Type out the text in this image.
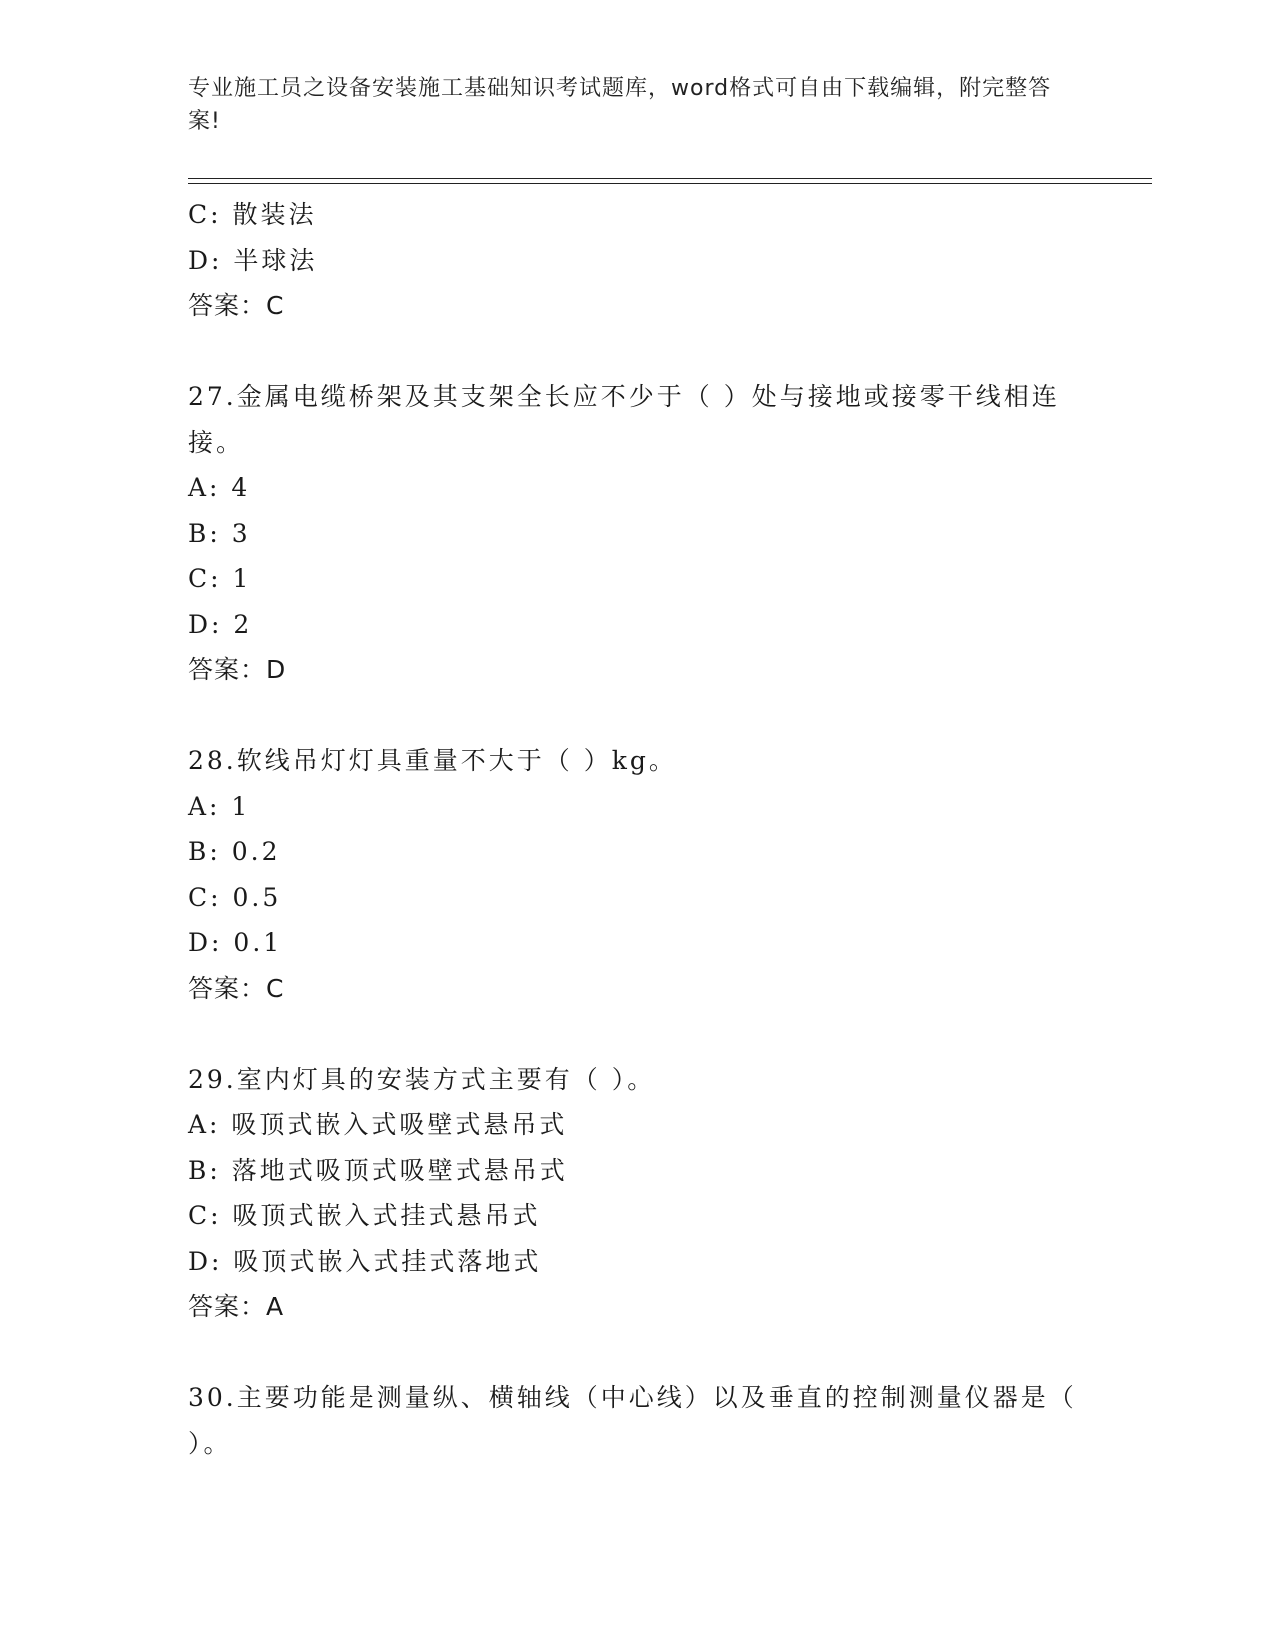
专业施工员之设备安装施工基础知识考试题库，word格式可自由下载编辑，附完整答案!
C: 散装法
D: 半球法
答案：C
27.金属电缆桥架及其支架全长应不少于（ ）处与接地或接零干线相连接。
A: 4
B: 3
C: 1
D: 2
答案：D
28.软线吊灯灯具重量不大于（ ）kg。
A: 1
B: 0.2
C: 0.5
D: 0.1
答案：C
29.室内灯具的安装方式主要有（ ）。
A: 吸顶式嵌入式吸壁式悬吊式
B: 落地式吸顶式吸壁式悬吊式
C: 吸顶式嵌入式挂式悬吊式
D: 吸顶式嵌入式挂式落地式
答案：A
30.主要功能是测量纵、横轴线（中心线）以及垂直的控制测量仪器是（ ）。
